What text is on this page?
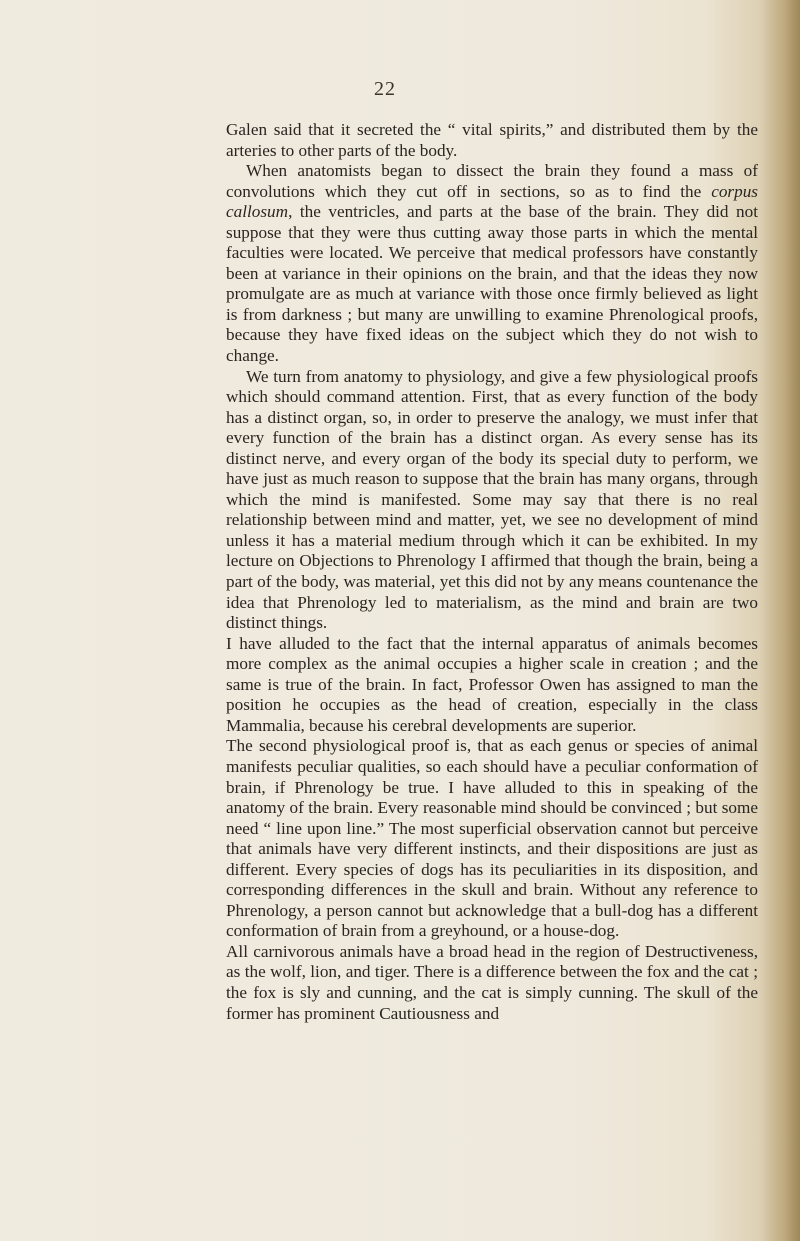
22

Galen said that it secreted the “ vital spirits,” and distributed them by the arteries to other parts of the body.

When anatomists began to dissect the brain they found a mass of convolutions which they cut off in sections, so as to find the corpus callosum, the ventricles, and parts at the base of the brain. They did not suppose that they were thus cutting away those parts in which the mental faculties were located. We perceive that medical professors have constantly been at variance in their opinions on the brain, and that the ideas they now promulgate are as much at variance with those once firmly believed as light is from darkness ; but many are unwilling to examine Phrenological proofs, because they have fixed ideas on the subject which they do not wish to change.

We turn from anatomy to physiology, and give a few physiological proofs which should command attention. First, that as every function of the body has a distinct organ, so, in order to preserve the analogy, we must infer that every function of the brain has a distinct organ. As every sense has its distinct nerve, and every organ of the body its special duty to perform, we have just as much reason to suppose that the brain has many organs, through which the mind is manifested. Some may say that there is no real relationship between mind and matter, yet, we see no development of mind unless it has a material medium through which it can be exhibited. In my lecture on Objections to Phrenology I affirmed that though the brain, being a part of the body, was material, yet this did not by any means countenance the idea that Phrenology led to materialism, as the mind and brain are two distinct things.

I have alluded to the fact that the internal apparatus of animals becomes more complex as the animal occupies a higher scale in creation ; and the same is true of the brain. In fact, Professor Owen has assigned to man the position he occupies as the head of creation, especially in the class Mammalia, because his cerebral developments are superior.

The second physiological proof is, that as each genus or species of animal manifests peculiar qualities, so each should have a peculiar conformation of brain, if Phrenology be true. I have alluded to this in speaking of the anatomy of the brain. Every reasonable mind should be convinced ; but some need “ line upon line.” The most superficial observation cannot but perceive that animals have very different instincts, and their dispositions are just as different. Every species of dogs has its peculiarities in its disposition, and corresponding differences in the skull and brain. Without any reference to Phrenology, a person cannot but acknowledge that a bull-dog has a different conformation of brain from a greyhound, or a house-dog.

All carnivorous animals have a broad head in the region of Destructiveness, as the wolf, lion, and tiger. There is a difference between the fox and the cat ; the fox is sly and cunning, and the cat is simply cunning. The skull of the former has prominent Cautiousness and
